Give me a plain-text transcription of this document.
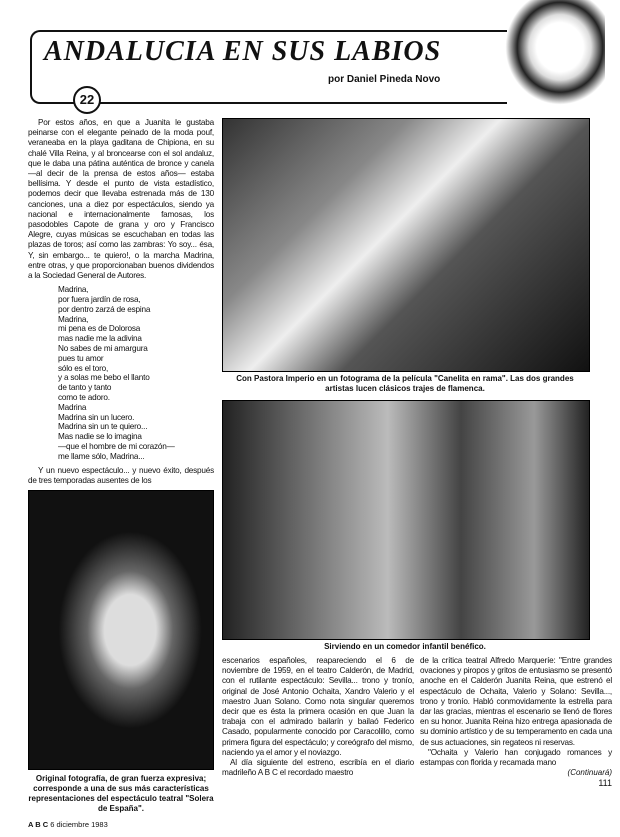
ANDALUCIA EN SUS LABIOS
por Daniel Pineda Novo
22
Por estos años, en que a Juanita le gustaba peinarse con el elegante peinado de la moda pouf, veraneaba en la playa gaditana de Chipiona, en su chalé Villa Reina, y al broncearse con el sol andaluz, que le daba una pátina auténtica de bronce y canela —al decir de la prensa de estos años— estaba bellísima. Y desde el punto de vista estadístico, podemos decir que llevaba estrenada más de 130 canciones, una a diez por espectáculos, siendo ya nacional e internacionalmente famosas, los pasodobles Capote de grana y oro y Francisco Alegre, cuyas músicas se escuchaban en todas las plazas de toros; así como las zambras: Yo soy... ésa, Y, sin embargo... te quiero!, o la marcha Madrina, entre otras, y que proporcionaban buenos dividendos a la Sociedad General de Autores.
Madrina,
por fuera jardín de rosa,
por dentro zarzá de espina
Madrina,
mi pena es de Dolorosa
mas nadie me la adivina
No sabes de mi amargura
pues tu amor
sólo es el toro,
y a solas me bebo el llanto
de tanto y tanto
como te adoro.
Madrina
Madrina sin un lucero.
Madrina sin un te quiero...
Mas nadie se lo imagina
—que el hombre de mi corazón—
me llame sólo, Madrina...
Y un nuevo espectáculo... y nuevo éxito, después de tres temporadas ausentes de los
Original fotografía, de gran fuerza expresiva; corresponde a una de sus más características representaciones del espectáculo teatral "Solera de España".
A B C 6 diciembre 1983
Con Pastora Imperio en un fotograma de la película "Canelita en rama". Las dos grandes artistas lucen clásicos trajes de flamenca.
Sirviendo en un comedor infantil benéfico.
escenarios españoles, reapareciendo el 6 de noviembre de 1959, en el teatro Calderón, de Madrid, con el rutilante espectáculo: Sevilla... trono y tronío, original de José Antonio Ochaita, Xandro Valerio y el maestro Juan Solano. Como nota singular queremos decir que es ésta la primera ocasión en que Juan la trabaja con el admirado bailarín y bailaó Federico Casado, popularmente conocido por Caracolillo, como primera figura del espectáculo; y coreógrafo del mismo, naciendo ya el amor y el noviazgo.
 Al día siguiente del estreno, escribía en el diario madrileño A B C el recordado maestro
de la crítica teatral Alfredo Marqueríe: "Entre grandes ovaciones y piropos y gritos de entusiasmo se presentó anoche en el Calderón Juanita Reina, que estrenó el espectáculo de Ochaita, Valerio y Solano: Sevilla..., trono y tronío. Habló conmovidamente la estrella para dar las gracias, mientras el escenario se llenó de flores en su honor. Juanita Reina hizo entrega apasionada de su dominio artístico y de su temperamento en cada una de sus actuaciones, sin regateos ni reservas.
 "Ochaita y Valerio han conjugado romances y estampas con florida y recamada mano
(Continuará)
111
